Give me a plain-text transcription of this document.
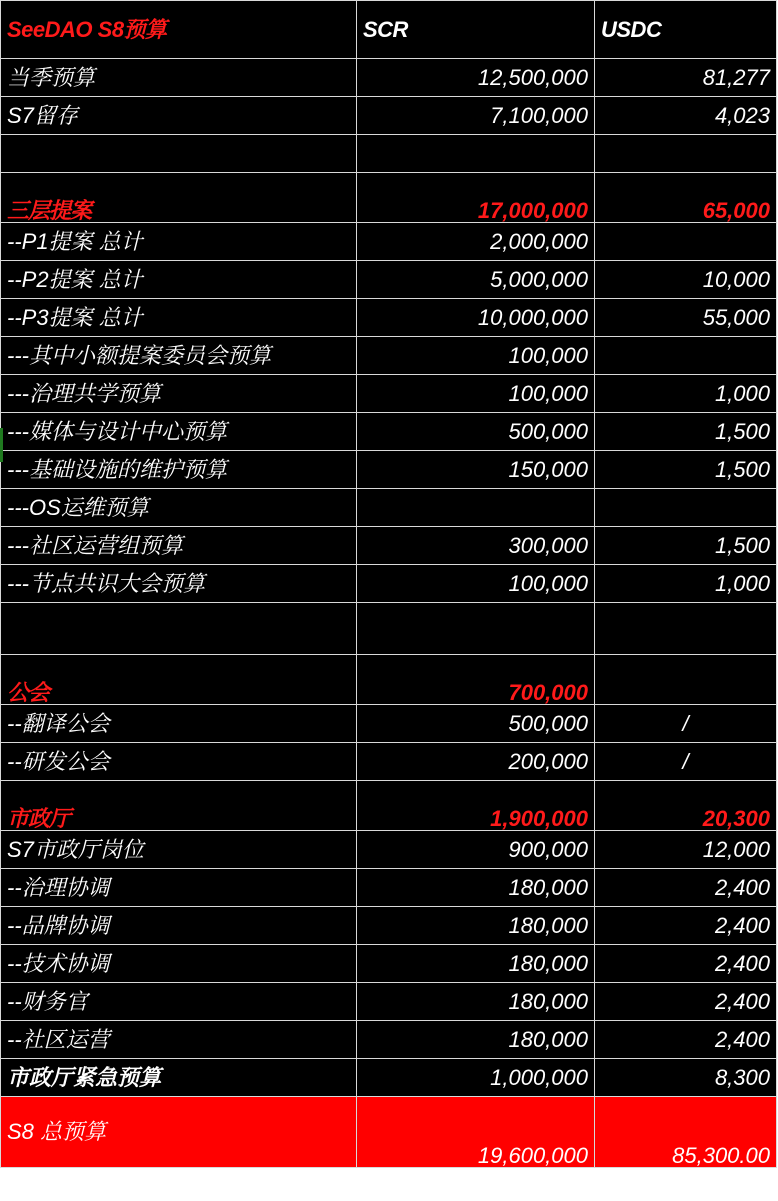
SeeDAO S8预算	SCR	USDC
当季预算	12,500,000	81,277
S7留存	7,100,000	4,023

三层提案	17,000,000	65,000
--P1提案 总计	2,000,000	
--P2提案 总计	5,000,000	10,000
--P3提案 总计	10,000,000	55,000
---其中小额提案委员会预算	100,000	
---治理共学预算	100,000	1,000
---媒体与设计中心预算	500,000	1,500
---基础设施的维护预算	150,000	1,500
---OS运维预算		
---社区运营组预算	300,000	1,500
---节点共识大会预算	100,000	1,000

公会	700,000	
--翻译公会	500,000	/
--研发公会	200,000	/
市政厅	1,900,000	20,300
S7市政厅岗位	900,000	12,000
--治理协调	180,000	2,400
--品牌协调	180,000	2,400
--技术协调	180,000	2,400
--财务官	180,000	2,400
--社区运营	180,000	2,400
市政厅紧急预算	1,000,000	8,300
S8 总预算	19,600,000	85,300.00
